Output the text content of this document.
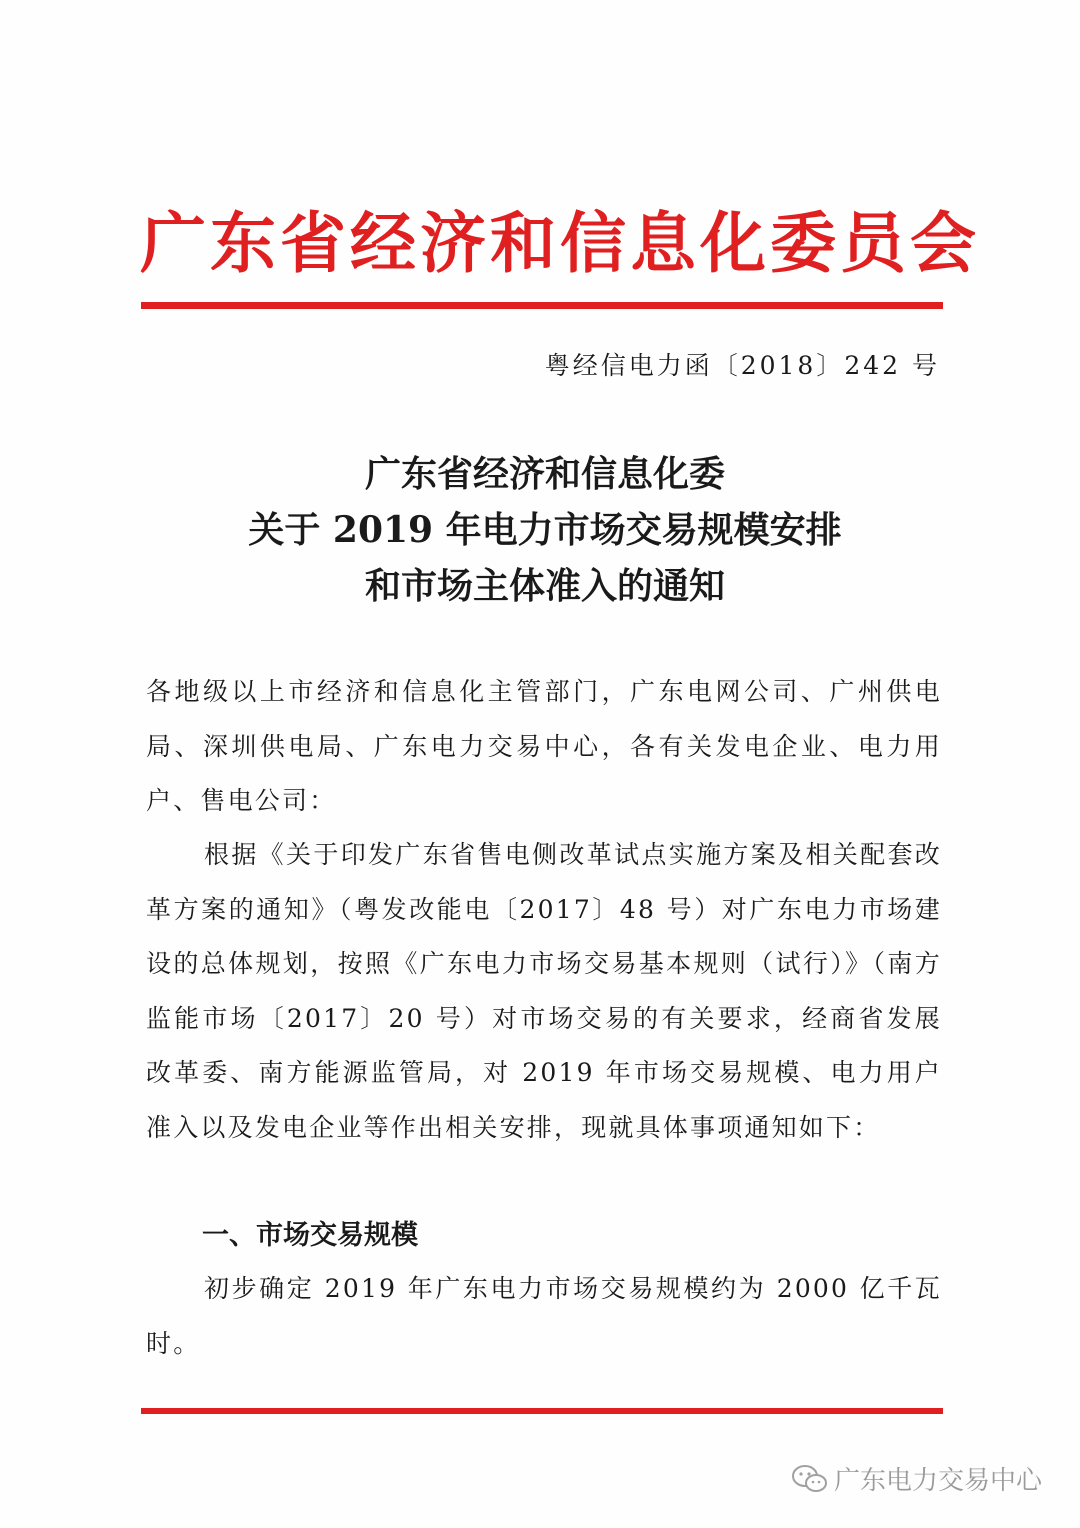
广东省经济和信息化委员会
粤经信电力函〔2018〕242 号
广东省经济和信息化委
关于 2019 年电力市场交易规模安排
和市场主体准入的通知
各地级以上市经济和信息化主管部门，广东电网公司、广州供电局、深圳供电局、广东电力交易中心，各有关发电企业、电力用户、售电公司：
根据《关于印发广东省售电侧改革试点实施方案及相关配套改革方案的通知》（粤发改能电〔2017〕48 号）对广东电力市场建设的总体规划，按照《广东电力市场交易基本规则（试行）》（南方监能市场〔2017〕20 号）对市场交易的有关要求，经商省发展改革委、南方能源监管局，对 2019 年市场交易规模、电力用户准入以及发电企业等作出相关安排，现就具体事项通知如下：
一、市场交易规模
初步确定 2019 年广东电力市场交易规模约为 2000 亿千瓦时。
广东电力交易中心
